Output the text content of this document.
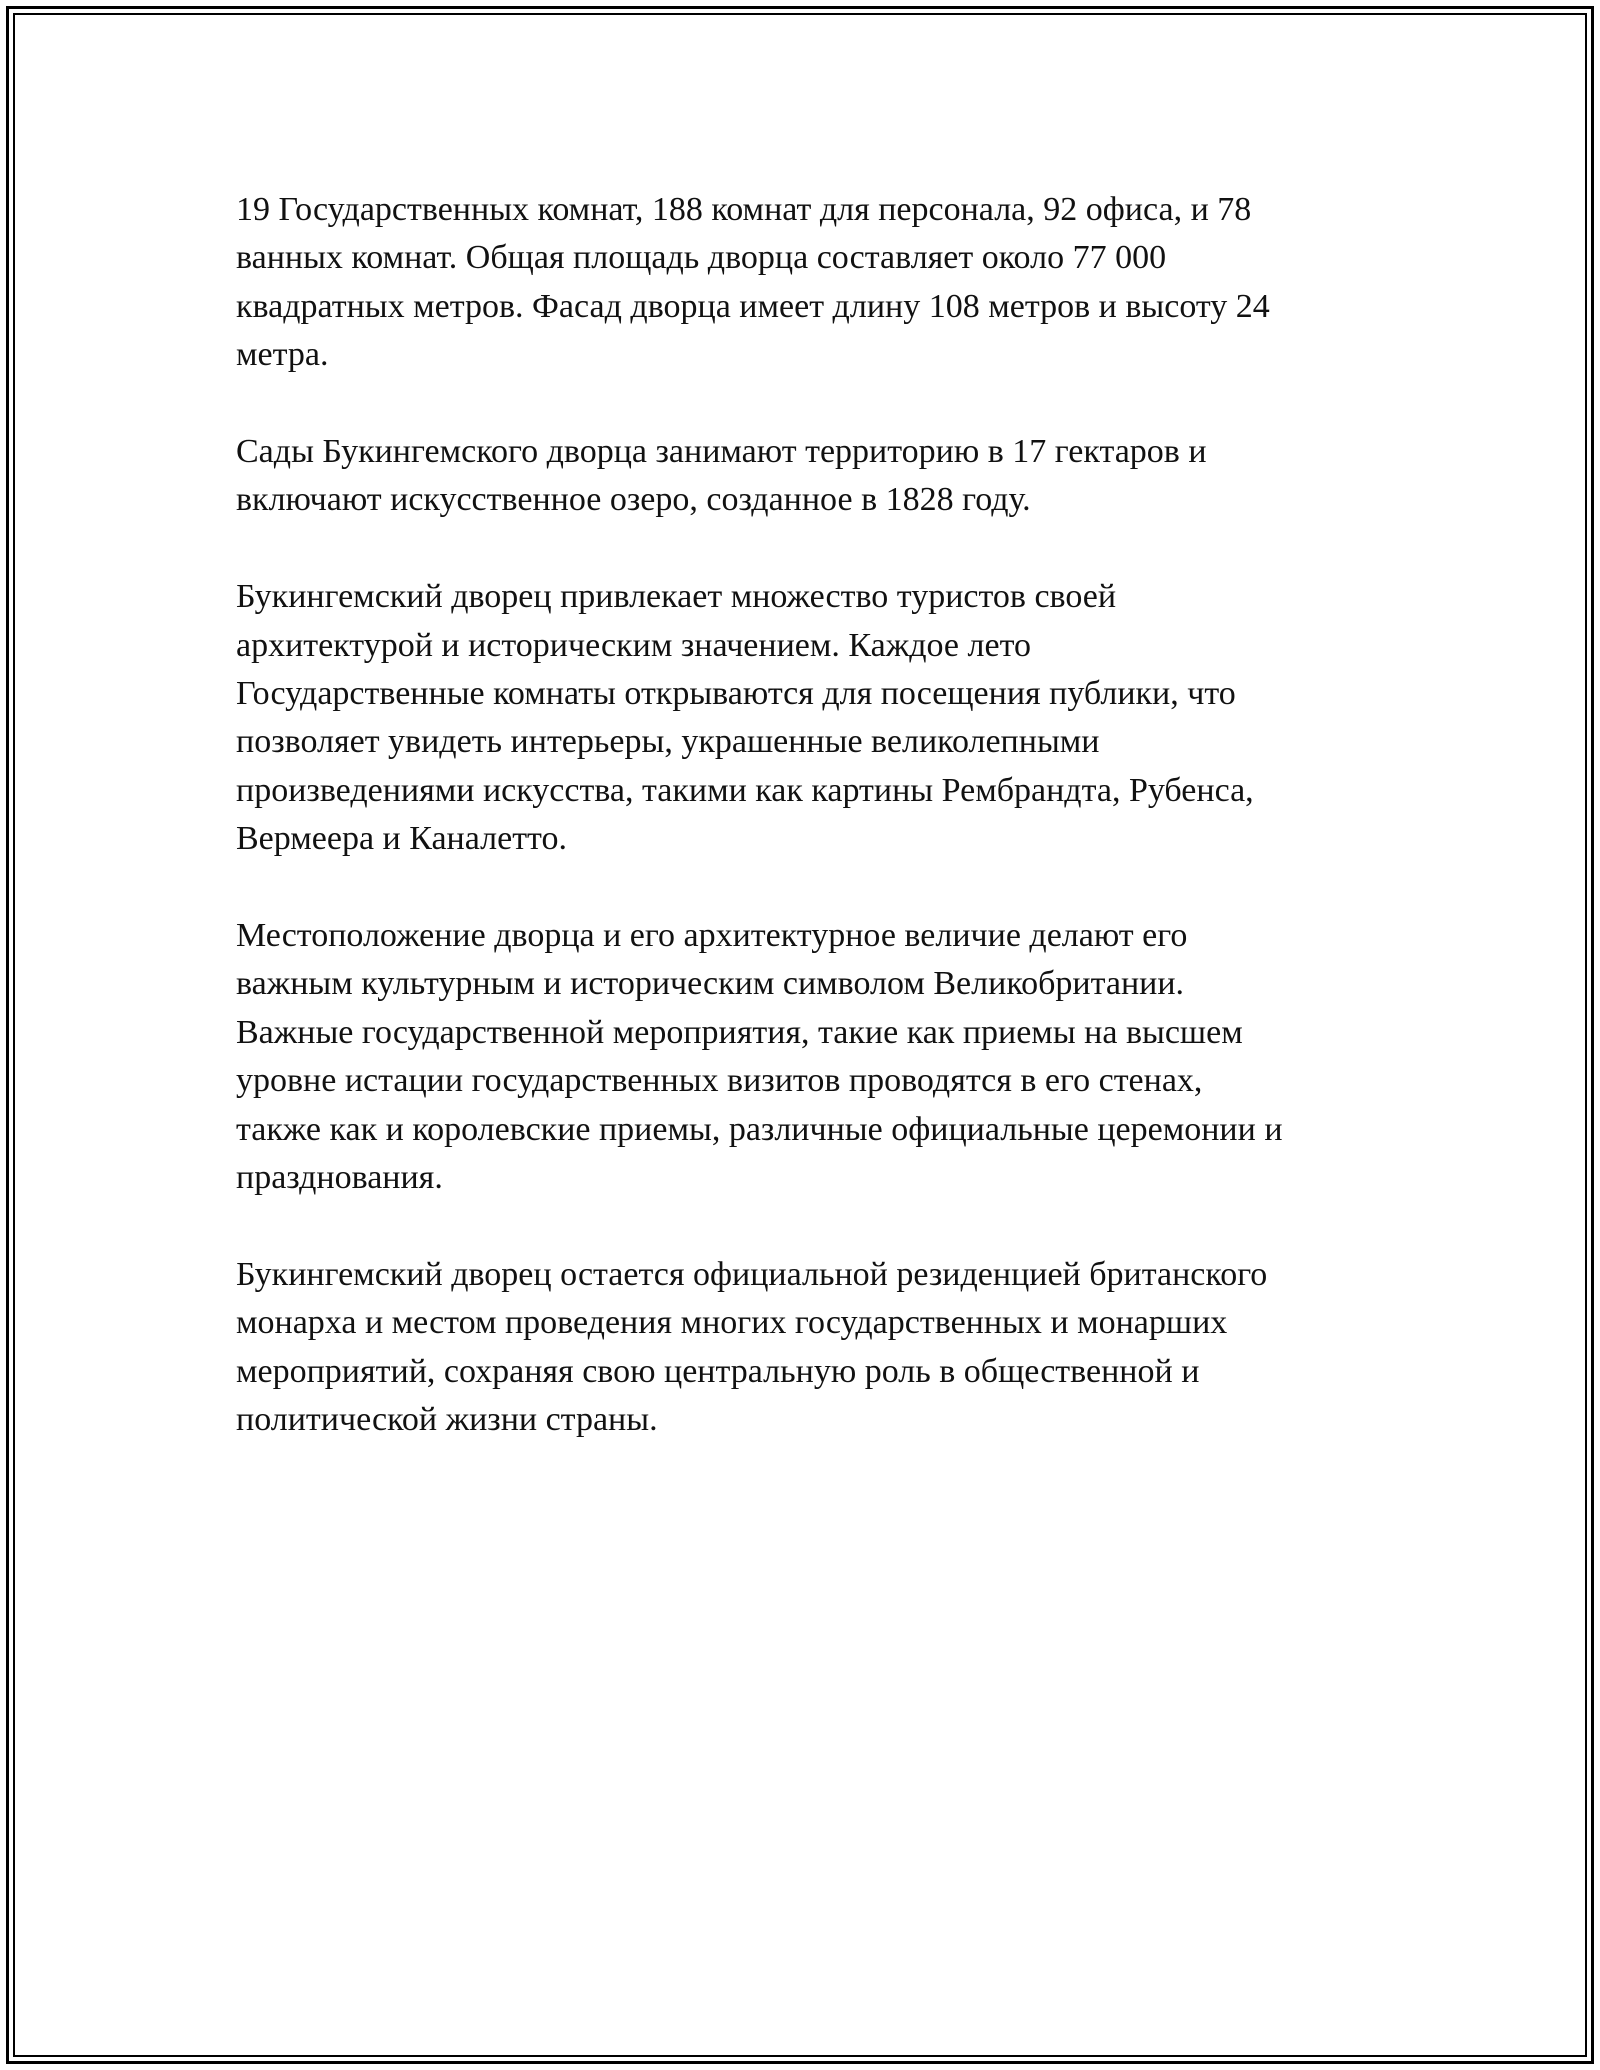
19 Государственных комнат, 188 комнат для персонала, 92 офиса, и 78
ванных комнат. Общая площадь дворца составляет около 77 000
квадратных метров. Фасад дворца имеет длину 108 метров и высоту 24
метра.

Сады Букингемского дворца занимают территорию в 17 гектаров и
включают искусственное озеро, созданное в 1828 году.

Букингемский дворец привлекает множество туристов своей
архитектурой и историческим значением. Каждое лето
Государственные комнаты открываются для посещения публики, что
позволяет увидеть интерьеры, украшенные великолепными
произведениями искусства, такими как картины Рембрандта, Рубенса,
Вермеера и Каналетто.

Местоположение дворца и его архитектурное величие делают его
важным культурным и историческим символом Великобритании.
Важные государственной мероприятия, такие как приемы на высшем
уровне истации государственных визитов проводятся в его стенах,
также как и королевские приемы, различные официальные церемонии и
празднования.

Букингемский дворец остается официальной резиденцией британского
монарха и местом проведения многих государственных и монарших
мероприятий, сохраняя свою центральную роль в общественной и
политической жизни страны.
